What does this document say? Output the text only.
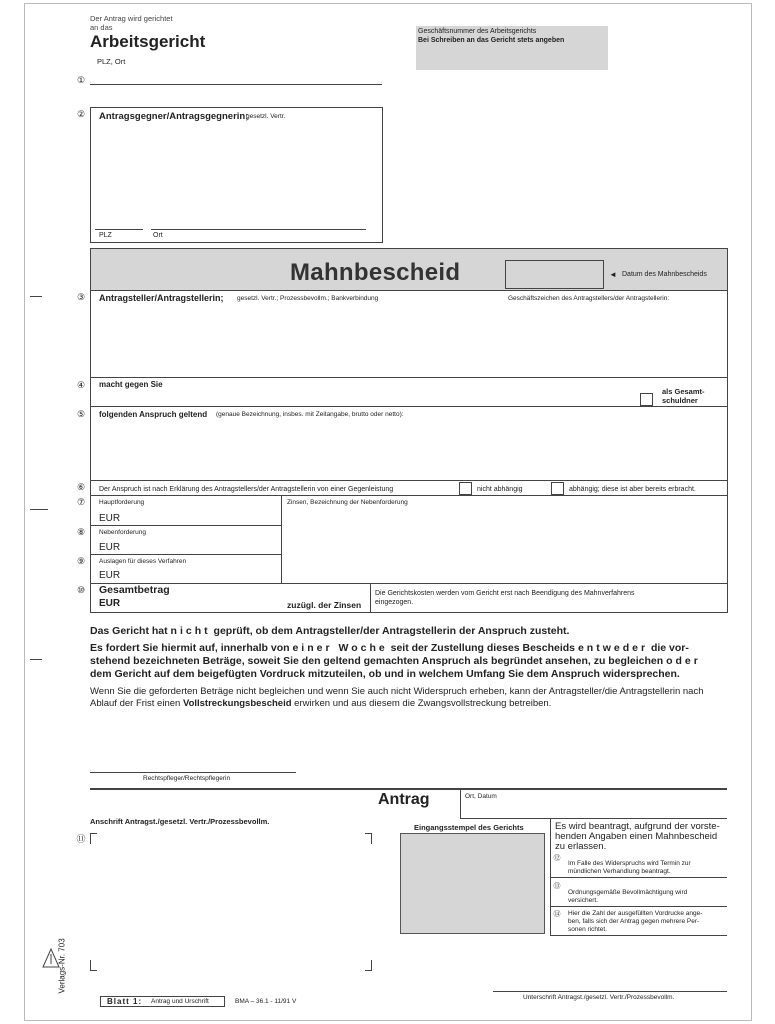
Der Antrag wird gerichtet
an das
Arbeitsgericht
PLZ, Ort
①
Geschäftsnummer des Arbeitsgerichts
Bei Schreiben an das Gericht stets angeben
② Antragsgegner/Antragsgegnerin;
gesetzl. Vertr.
PLZ	Ort
Mahnbescheid	◄ Datum des Mahnbescheids
③ Antragsteller/Antragstellerin; gesetzl. Vertr.; Prozessbevollm.; Bankverbindung	Geschäftszeichen des Antragstellers/der Antragstellerin:
④ macht gegen Sie
als Gesamt-
schuldner
⑤ folgenden Anspruch geltend (genaue Bezeichnung, insbes. mit Zeitangabe, brutto oder netto):
⑥ Der Anspruch ist nach Erklärung des Antragstellers/der Antragstellerin von einer Gegenleistung	nicht abhängig	abhängig; diese ist aber bereits erbracht.
⑦	Hauptforderung
EUR
Zinsen, Bezeichnung der Nebenforderung
⑧	Nebenforderung
EUR
⑨	Auslagen für dieses Verfahren
EUR
⑩ Gesamtbetrag
EUR	zuzügl. der Zinsen
Die Gerichtskosten werden vom Gericht erst nach Beendigung des Mahnverfahrens
eingezogen.
Das Gericht hat nicht geprüft, ob dem Antragsteller/der Antragstellerin der Anspruch zusteht.
Es fordert Sie hiermit auf, innerhalb von einer Woche seit der Zustellung dieses Bescheids entweder die vor-
stehend bezeichneten Beträge, soweit Sie den geltend gemachten Anspruch als begründet ansehen, zu begleichen oder
dem Gericht auf dem beigefügten Vordruck mitzuteilen, ob und in welchem Umfang Sie dem Anspruch widersprechen.
Wenn Sie die geforderten Beträge nicht begleichen und wenn Sie auch nicht Widerspruch erheben, kann der Antragsteller/die Antragstellerin nach
Ablauf der Frist einen Vollstreckungsbescheid erwirken und aus diesem die Zwangsvollstreckung betreiben.
Rechtspfleger/Rechtspflegerin
Antrag	Ort, Datum
Anschrift Antragst./gesetzl. Vertr./Prozessbevollm.
⑪
Eingangsstempel des Gerichts	Es wird beantragt, aufgrund der vorste-
henden Angaben einen Mahnbescheid
zu erlassen.
⑫
Im Falle des Widerspruchs wird Termin zur
mündlichen Verhandlung beantragt.
⑬
Ordnungsgemäße Bevollmächtigung wird
versichert.
⑭ Hier die Zahl der ausgefüllten Vordrucke ange-
ben, falls sich der Antrag gegen mehrere Per-
sonen richtet.
Unterschrift Antragst./gesetzl. Vertr./Prozessbevollm.
Blatt 1: Antrag und Urschrift	BMA – 36.1 - 11/91 V
Verlags-Nr. 703
